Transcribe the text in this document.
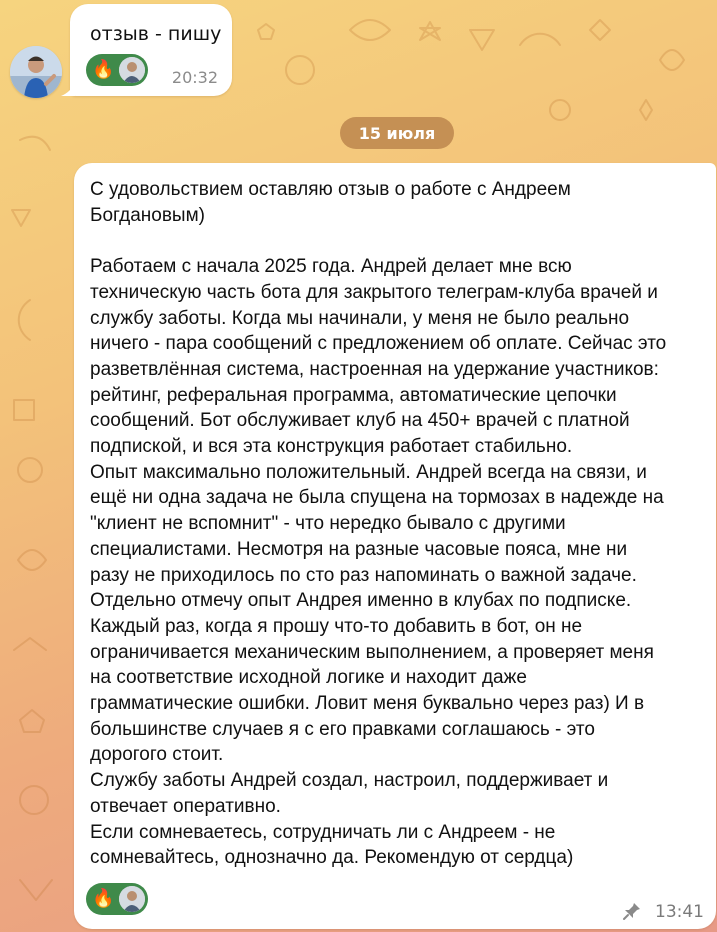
отзыв - пишу
🔥	20:32
15 июля
С удовольствием оставляю отзыв о работе с Андреем
Богдановым)

Работаем с начала 2025 года. Андрей делает мне всю
техническую часть бота для закрытого телеграм-клуба врачей и
службу заботы. Когда мы начинали, у меня не было реально
ничего - пара сообщений с предложением об оплате. Сейчас это
разветвлённая система, настроенная на удержание участников:
рейтинг, реферальная программа, автоматические цепочки
сообщений. Бот обслуживает клуб на 450+ врачей с платной
подпиской, и вся эта конструкция работает стабильно.
Опыт максимально положительный. Андрей всегда на связи, и
ещё ни одна задача не была спущена на тормозах в надежде на
"клиент не вспомнит" - что нередко бывало с другими
специалистами. Несмотря на разные часовые пояса, мне ни
разу не приходилось по сто раз напоминать о важной задаче.
Отдельно отмечу опыт Андрея именно в клубах по подписке.
Каждый раз, когда я прошу что-то добавить в бот, он не
ограничивается механическим выполнением, а проверяет меня
на соответствие исходной логике и находит даже
грамматические ошибки. Ловит меня буквально через раз) И в
большинстве случаев я с его правками соглашаюсь - это
дорогого стоит.
Службу заботы Андрей создал, настроил, поддерживает и
отвечает оперативно.
Если сомневаетесь, сотрудничать ли с Андреем - не
сомневайтесь, однозначно да. Рекомендую от сердца)
🔥
13:41
